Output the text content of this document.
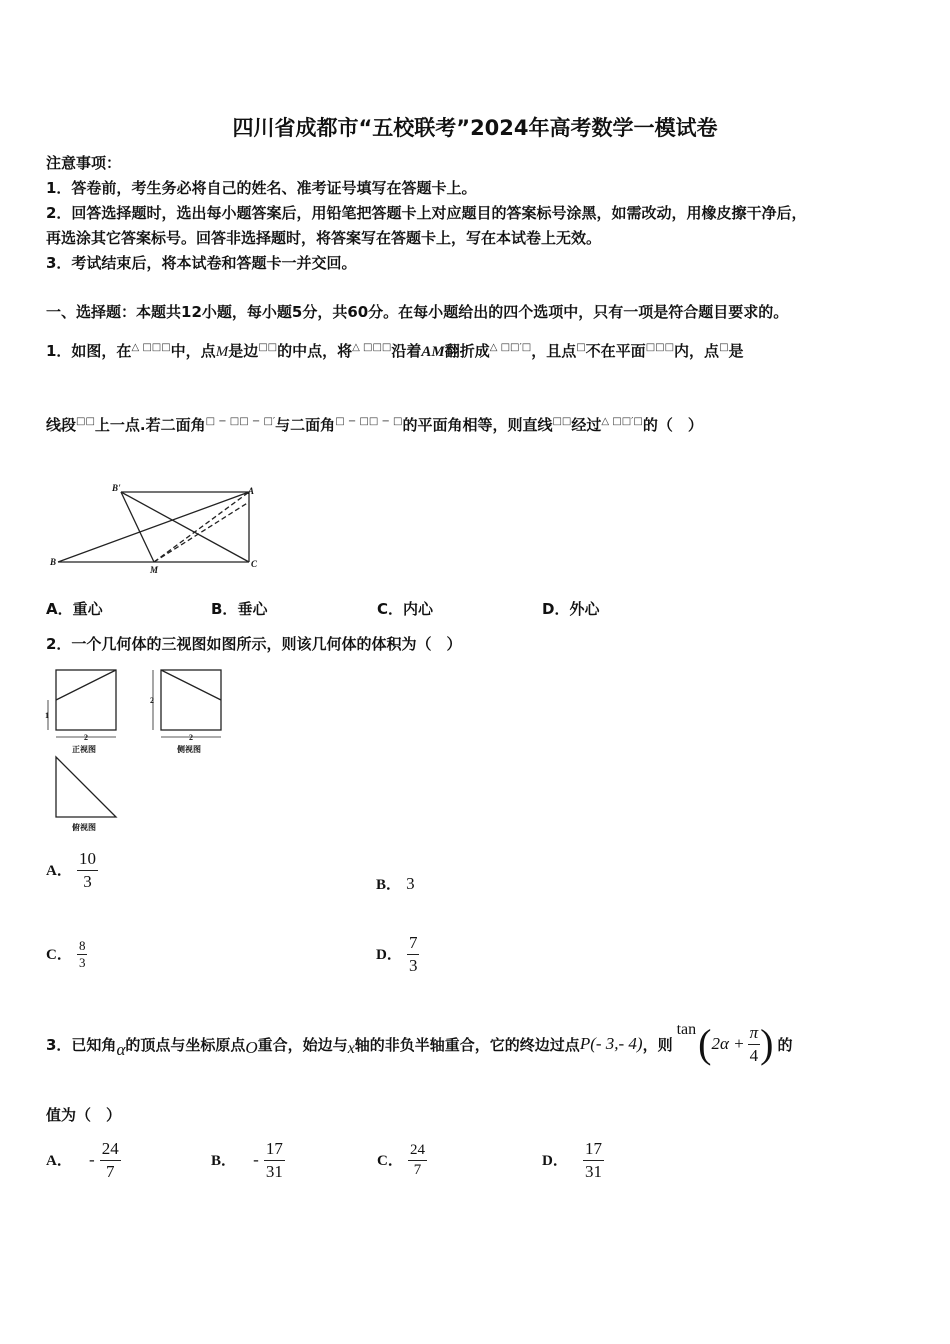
四川省成都市“五校联考”2024年高考数学一模试卷
注意事项：
1．答卷前，考生务必将自己的姓名、准考证号填写在答题卡上。
2．回答选择题时，选出每小题答案后，用铅笔把答题卡上对应题目的答案标号涂黑，如需改动，用橡皮擦干净后，
再选涂其它答案标号。回答非选择题时，将答案写在答题卡上，写在本试卷上无效。
3．考试结束后，将本试卷和答题卡一并交回。
一、选择题：本题共12小题，每小题5分，共60分。在每小题给出的四个选项中，只有一项是符合题目要求的。
1．如图，在△ □□□中，点M是边□□的中点，将△ □□□沿着AM翻折成△ □□′□，且点□不在平面□□□内，点□是
线段□□上一点.若二面角□ − □□ − □′与二面角□ − □□ − □的平面角相等，则直线□□经过△ □□′□的（　）
B'	A
B
M
C
A．重心	B．垂心	C．内心	D．外心
2．一个几何体的三视图如图所示，则该几何体的体积为（　）
2
1
2
2
正视图	侧视图
俯视图
A． $\frac{10}{3}$	B． 3
C． $\frac{8}{3}$	D． $\frac{7}{3}$
3．已知角 α 的顶点与坐标原点 O 重合，始边与 x 轴的非负半轴重合，它的终边过点 P(- 3,- 4) ，则
tan ( $2\alpha + \frac{\pi}{4}$ ) 的
值为（　）
A． - $\frac{24}{7}$	B． - $\frac{17}{31}$	C． $\frac{24}{7}$	D． $\frac{17}{31}$
